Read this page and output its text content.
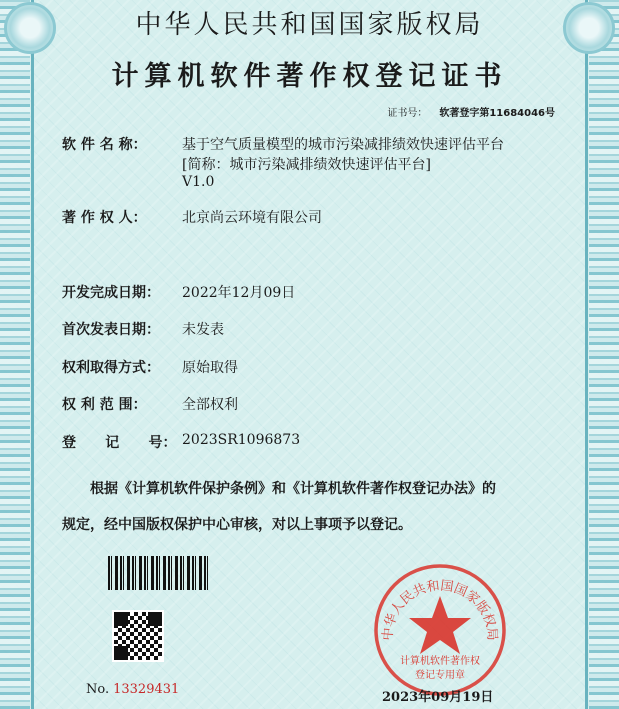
中华人民共和国国家版权局
计算机软件著作权登记证书
证书号： 软著登字第11684046号
软 件 名 称：	基于空气质量模型的城市污染减排绩效快速评估平台
[简称：城市污染减排绩效快速评估平台]
V1.0
著 作 权 人：	北京尚云环境有限公司
开发完成日期：	2022年12月09日
首次发表日期：	未发表
权利取得方式：	原始取得
权 利 范 围：	全部权利
登      记      号： 2023SR1096873
根据《计算机软件保护条例》和《计算机软件著作权登记办法》的
规定，经中国版权保护中心审核，对以上事项予以登记。
No. 13329431
中华人民共和国国家版权局
计算机软件著作权
登记专用章
2023年09月19日
